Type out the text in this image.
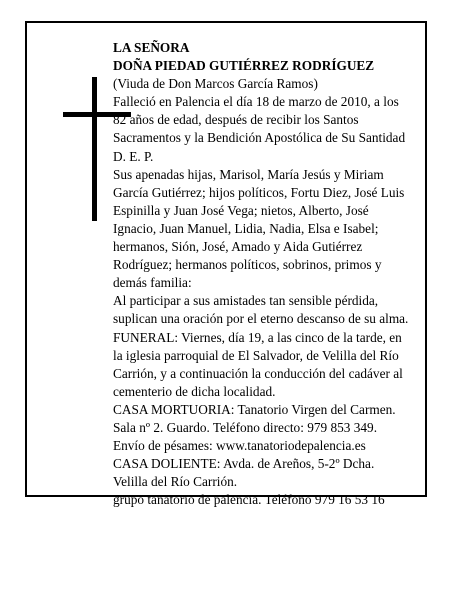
LA SEÑORA
DOÑA PIEDAD GUTIÉRREZ RODRÍGUEZ
(Viuda de Don Marcos García Ramos)
Falleció en Palencia el día 18 de marzo de 2010, a los
82 años de edad, después de recibir los Santos
Sacramentos y la Bendición Apostólica de Su Santidad
D. E. P.
Sus apenadas hijas, Marisol, María Jesús y Miriam
García Gutiérrez; hijos políticos, Fortu Diez, José Luis
Espinilla y Juan José Vega; nietos, Alberto, José
Ignacio, Juan Manuel, Lidia, Nadia, Elsa e Isabel;
hermanos, Sión, José, Amado y Aida Gutiérrez
Rodríguez; hermanos políticos, sobrinos, primos y
demás familia:
Al participar a sus amistades tan sensible pérdida,
suplican una oración por el eterno descanso de su alma.
FUNERAL: Viernes, día 19, a las cinco de la tarde, en
la iglesia parroquial de El Salvador, de Velilla del Río
Carrión, y a continuación la conducción del cadáver al
cementerio de dicha localidad.
CASA MORTUORIA: Tanatorio Virgen del Carmen.
Sala nº 2. Guardo. Teléfono directo: 979 853 349.
Envío de pésames: www.tanatoriodepalencia.es
CASA DOLIENTE: Avda. de Areños, 5-2º Dcha.
Velilla del Río Carrión.
grupo tanatorio de palencia. Teléfono 979 16 53 16
